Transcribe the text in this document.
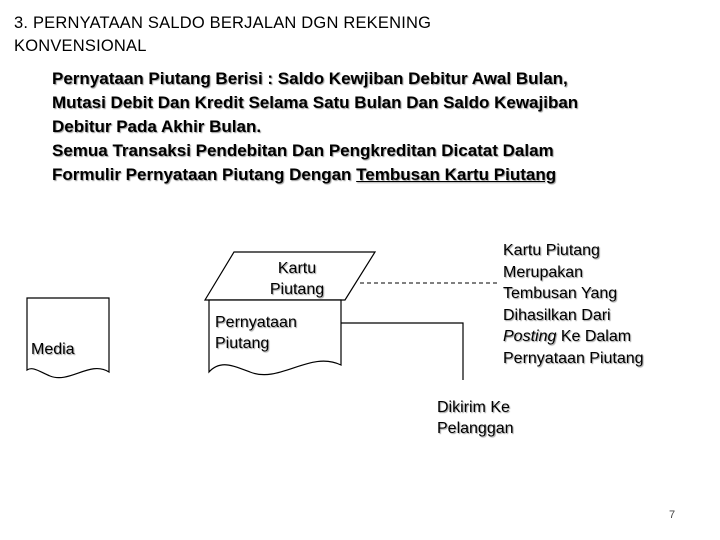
3. PERNYATAAN SALDO BERJALAN DGN REKENING
KONVENSIONAL

Pernyataan Piutang Berisi : Saldo Kewjiban Debitur Awal Bulan,

Mutasi Debit Dan Kredit Selama Satu Bulan Dan Saldo Kewajiban

Debitur Pada Akhir Bulan.

Semua Transaksi Pendebitan Dan Pengkreditan Dicatat Dalam

Formulir Pernyataan Piutang Dengan Tembusan Kartu Piutang

Media
Kartu
Piutang
Pernyataan
Piutang

Kartu Piutang

Merupakan

Tembusan Yang

Dihasilkan Dari

Posting Ke Dalam

Pernyataan Piutang

Dikirim Ke
Pelanggan
7
